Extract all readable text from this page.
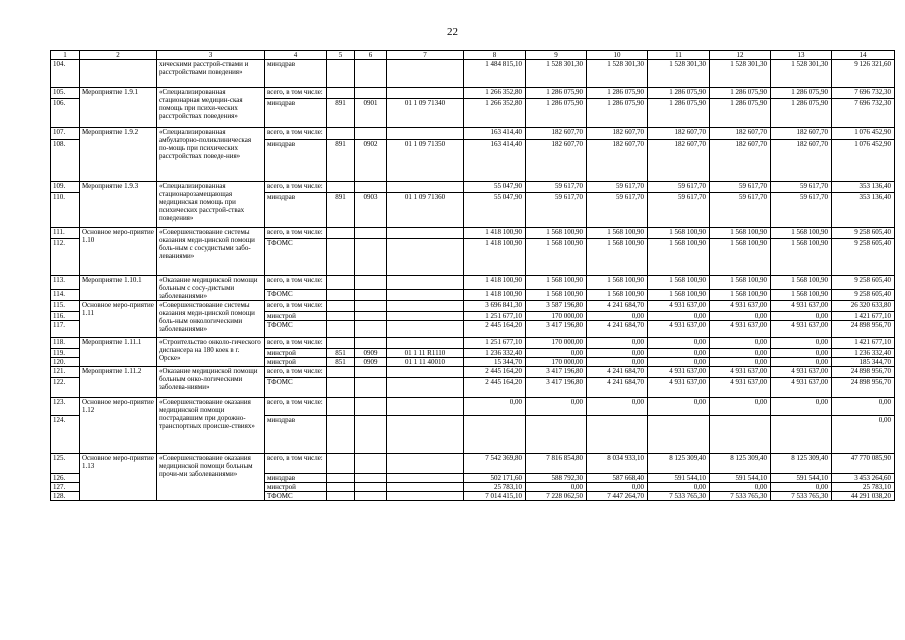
22
1	2	3	4	5	6	7	8	9	10	11	12	13	14
104.		хическими расстрой-ствами и расстройствами поведения»	минздрав				1 484 815,10	1 528 301,30	1 528 301,30	1 528 301,30	1 528 301,30	1 528 301,30	9 126 321,60
105.	Мероприятие 1.9.1	«Специализированная стационарная медицин-ская помощь при психи-ческих расстройствах поведения»	всего, в том числе:				1 266 352,80	1 286 075,90	1 286 075,90	1 286 075,90	1 286 075,90	1 286 075,90	7 696 732,30
106.			минздрав	891	0901	01 1 09 71340	1 266 352,80	1 286 075,90	1 286 075,90	1 286 075,90	1 286 075,90	1 286 075,90	7 696 732,30
107.	Мероприятие 1.9.2	«Специализированная амбулаторно-поликлиническая по-мощь при психических расстройствах поведе-ния»	всего, в том числе:				163 414,40	182 607,70	182 607,70	182 607,70	182 607,70	182 607,70	1 076 452,90
108.			минздрав	891	0902	01 1 09 71350	163 414,40	182 607,70	182 607,70	182 607,70	182 607,70	182 607,70	1 076 452,90
109.	Мероприятие 1.9.3	«Специализированная стационарозамещающая медицинская помощь при психических расстрой-ствах поведения»	всего, в том числе:				55 047,90	59 617,70	59 617,70	59 617,70	59 617,70	59 617,70	353 136,40
110.			минздрав	891	0903	01 1 09 71360	55 047,90	59 617,70	59 617,70	59 617,70	59 617,70	59 617,70	353 136,40
111.	Основное меро-приятие 1.10	«Совершенствование системы оказания меди-цинской помощи боль-ным с сосудистыми забо-леваниями»	всего, в том числе:				1 418 100,90	1 568 100,90	1 568 100,90	1 568 100,90	1 568 100,90	1 568 100,90	9 258 605,40
112.			ТФОМС				1 418 100,90	1 568 100,90	1 568 100,90	1 568 100,90	1 568 100,90	1 568 100,90	9 258 605,40
113.	Мероприятие 1.10.1	«Оказание медицинской помощи больным с сосу-дистыми заболеваниями»	всего, в том числе:				1 418 100,90	1 568 100,90	1 568 100,90	1 568 100,90	1 568 100,90	1 568 100,90	9 258 605,40
114.			ТФОМС				1 418 100,90	1 568 100,90	1 568 100,90	1 568 100,90	1 568 100,90	1 568 100,90	9 258 605,40
115.	Основное меро-приятие 1.11	«Совершенствование системы оказания меди-цинской помощи боль-ным онкологическими заболеваниями»	всего, в том числе:				3 696 841,30	3 587 196,80	4 241 684,70	4 931 637,00	4 931 637,00	4 931 637,00	26 320 633,80
116.			минстрой				1 251 677,10	170 000,00	0,00	0,00	0,00	0,00	1 421 677,10
117.			ТФОМС				2 445 164,20	3 417 196,80	4 241 684,70	4 931 637,00	4 931 637,00	4 931 637,00	24 898 956,70
118.	Мероприятие 1.11.1	«Строительство онколо-гического диспансера на 180 коек в г. Орске»	всего, в том числе:				1 251 677,10	170 000,00	0,00	0,00	0,00	0,00	1 421 677,10
119.			минстрой	851	0909	01 1 11 R1110	1 236 332,40	0,00	0,00	0,00	0,00	0,00	1 236 332,40
120.			минстрой	851	0909	01 1 11 40010	15 344,70	170 000,00	0,00	0,00	0,00	0,00	185 344,70
121.	Мероприятие 1.11.2	«Оказание медицинской помощи больным онко-логическими заболева-ниями»	всего, в том числе:				2 445 164,20	3 417 196,80	4 241 684,70	4 931 637,00	4 931 637,00	4 931 637,00	24 898 956,70
122.			ТФОМС				2 445 164,20	3 417 196,80	4 241 684,70	4 931 637,00	4 931 637,00	4 931 637,00	24 898 956,70
123.	Основное меро-приятие 1.12	«Совершенствование оказания медицинской помощи пострадавшим при дорожно-транспортных происше-ствиях»	всего, в том числе:				0,00	0,00	0,00	0,00	0,00	0,00	0,00
124.			минздрав										0,00
125.	Основное меро-приятие 1.13	«Совершенствование оказания медицинской помощи больным прочи-ми заболеваниями»	всего, в том числе:				7 542 369,80	7 816 854,80	8 034 933,10	8 125 309,40	8 125 309,40	8 125 309,40	47 770 085,90
126.			минздрав				502 171,60	588 792,30	587 668,40	591 544,10	591 544,10	591 544,10	3 453 264,60
127.			минстрой				25 783,10	0,00	0,00	0,00	0,00	0,00	25 783,10
128.			ТФОМС				7 014 415,10	7 228 062,50	7 447 264,70	7 533 765,30	7 533 765,30	7 533 765,30	44 291 038,20
